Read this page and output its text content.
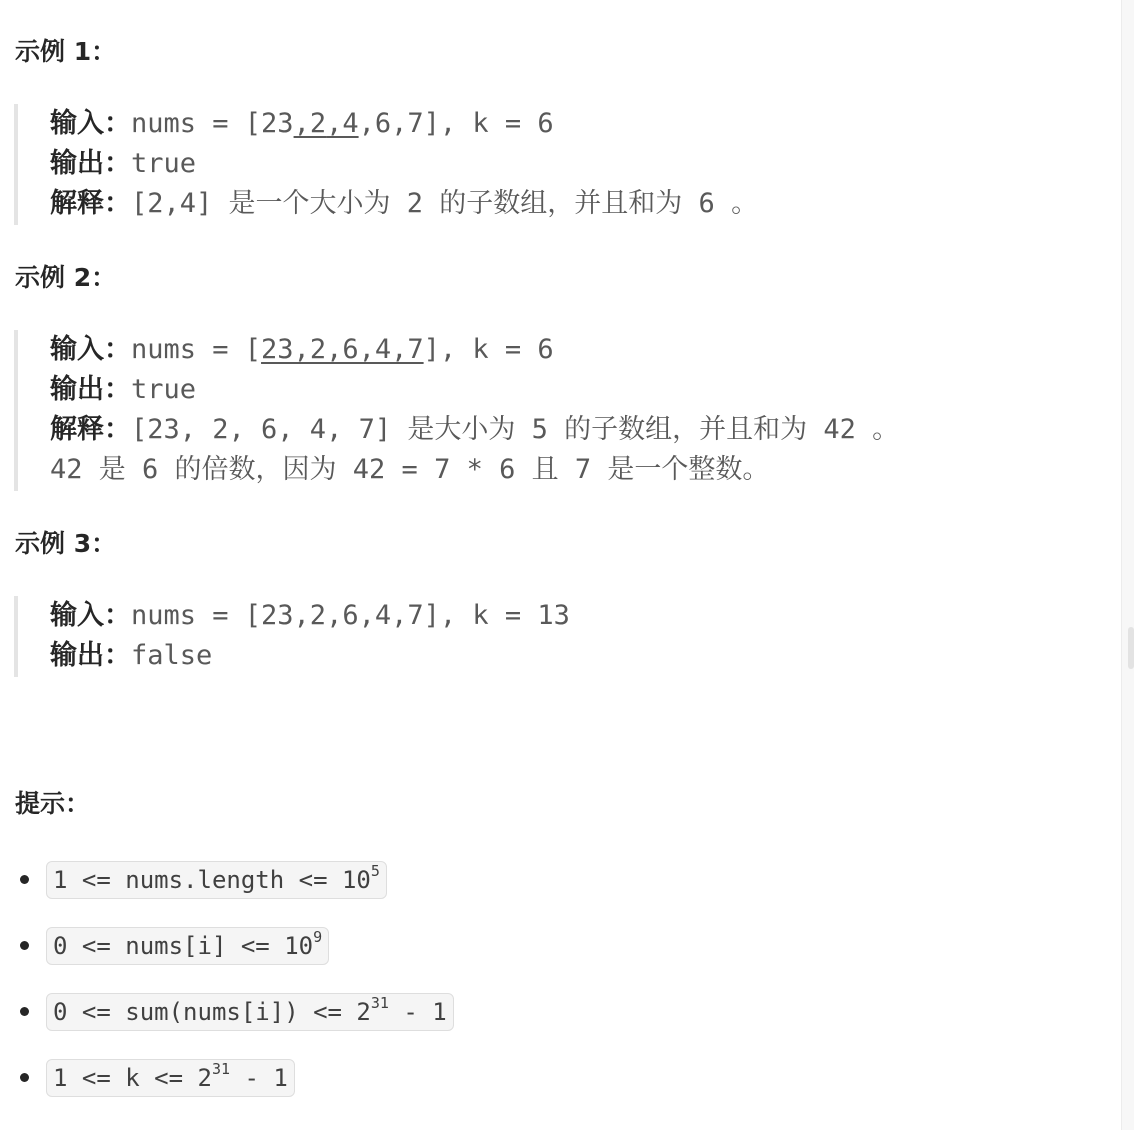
示例 1：
输入：nums = [23,2,4,6,7], k = 6
输出：true
解释：[2,4] 是一个大小为 2 的子数组，并且和为 6 。
示例 2：
输入：nums = [23,2,6,4,7], k = 6
输出：true
解释：[23, 2, 6, 4, 7] 是大小为 5 的子数组，并且和为 42 。
42 是 6 的倍数，因为 42 = 7 * 6 且 7 是一个整数。
示例 3：
输入：nums = [23,2,6,4,7], k = 13
输出：false
提示：
1 <= nums.length <= $10^5$
0 <= nums[i] <= $10^9$
0 <= sum(nums[i]) <= $2^{31} - 1$
$1 <= k <= 2^{31} - 1$
